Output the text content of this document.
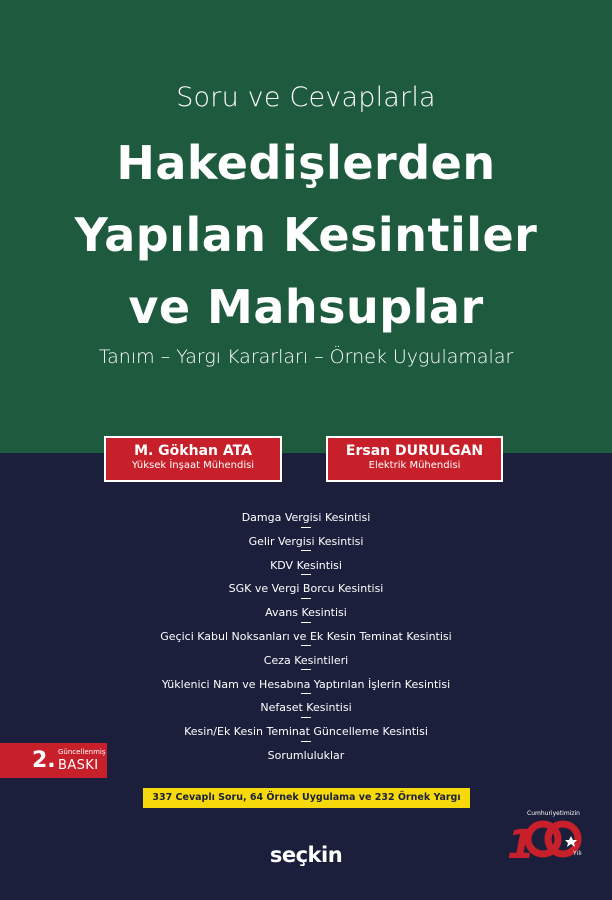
Soru ve Cevaplarla
Hakedişlerden
Yapılan Kesintiler
ve Mahsuplar
Tanım – Yargı Kararları – Örnek Uygulamalar
M. Gökhan ATA
Yüksek İnşaat Mühendisi
Ersan DURULGAN
Elektrik Mühendisi
Damga Vergisi Kesintisi
Gelir Vergisi Kesintisi
KDV Kesintisi
SGK ve Vergi Borcu Kesintisi
Avans Kesintisi
Geçici Kabul Noksanları ve Ek Kesin Teminat Kesintisi
Ceza Kesintileri
Yüklenici Nam ve Hesabına Yaptırılan İşlerin Kesintisi
Nefaset Kesintisi
Kesin/Ek Kesin Teminat Güncelleme Kesintisi
Sorumluluklar
2. Güncellenmiş
BASKI
337 Cevaplı Soru, 64 Örnek Uygulama ve 232 Örnek Yargı Kararı ile
seçkin
Cumhuriyetimizin
1	Yılı
